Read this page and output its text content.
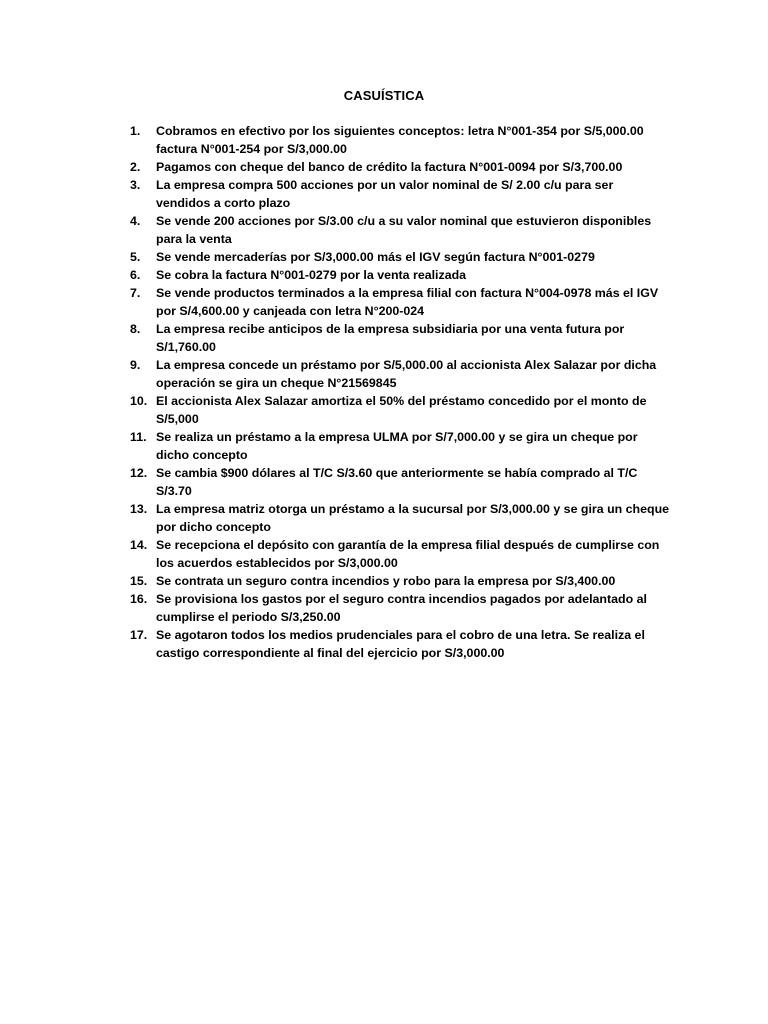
CASUÍSTICA
1.	Cobramos en efectivo por los siguientes conceptos: letra N°001-354 por S/5,000.00 factura N°001-254 por S/3,000.00
2.	Pagamos con cheque del banco de crédito la factura N°001-0094 por S/3,700.00
3.	La empresa compra 500 acciones por un valor nominal de S/ 2.00 c/u para ser vendidos a corto plazo
4.	Se vende 200 acciones por S/3.00 c/u a su valor nominal que estuvieron disponibles para la venta
5.	Se vende mercaderías por S/3,000.00 más el IGV según factura N°001-0279
6.	Se cobra la factura N°001-0279 por la venta realizada
7.	Se vende productos terminados a la empresa filial con factura N°004-0978 más el IGV por S/4,600.00 y canjeada con letra N°200-024
8.	La empresa recibe anticipos de la empresa subsidiaria por una venta futura por S/1,760.00
9.	La empresa concede un préstamo por S/5,000.00 al accionista Alex Salazar por dicha operación se gira un cheque N°21569845
10. El accionista Alex Salazar amortiza el 50% del préstamo concedido por el monto de S/5,000
11. Se realiza un préstamo a la empresa ULMA por S/7,000.00 y se gira un cheque por dicho concepto
12. Se cambia $900 dólares al T/C S/3.60 que anteriormente se había comprado al T/C S/3.70
13. La empresa matriz otorga un préstamo a la sucursal por S/3,000.00 y se gira un cheque por dicho concepto
14. Se recepciona el depósito con garantía de la empresa filial después de cumplirse con los acuerdos establecidos por S/3,000.00
15. Se contrata un seguro contra incendios y robo para la empresa por S/3,400.00
16. Se provisiona los gastos por el seguro contra incendios pagados por adelantado al cumplirse el periodo S/3,250.00
17. Se agotaron todos los medios prudenciales para el cobro de una letra. Se realiza el castigo correspondiente al final del ejercicio por S/3,000.00
